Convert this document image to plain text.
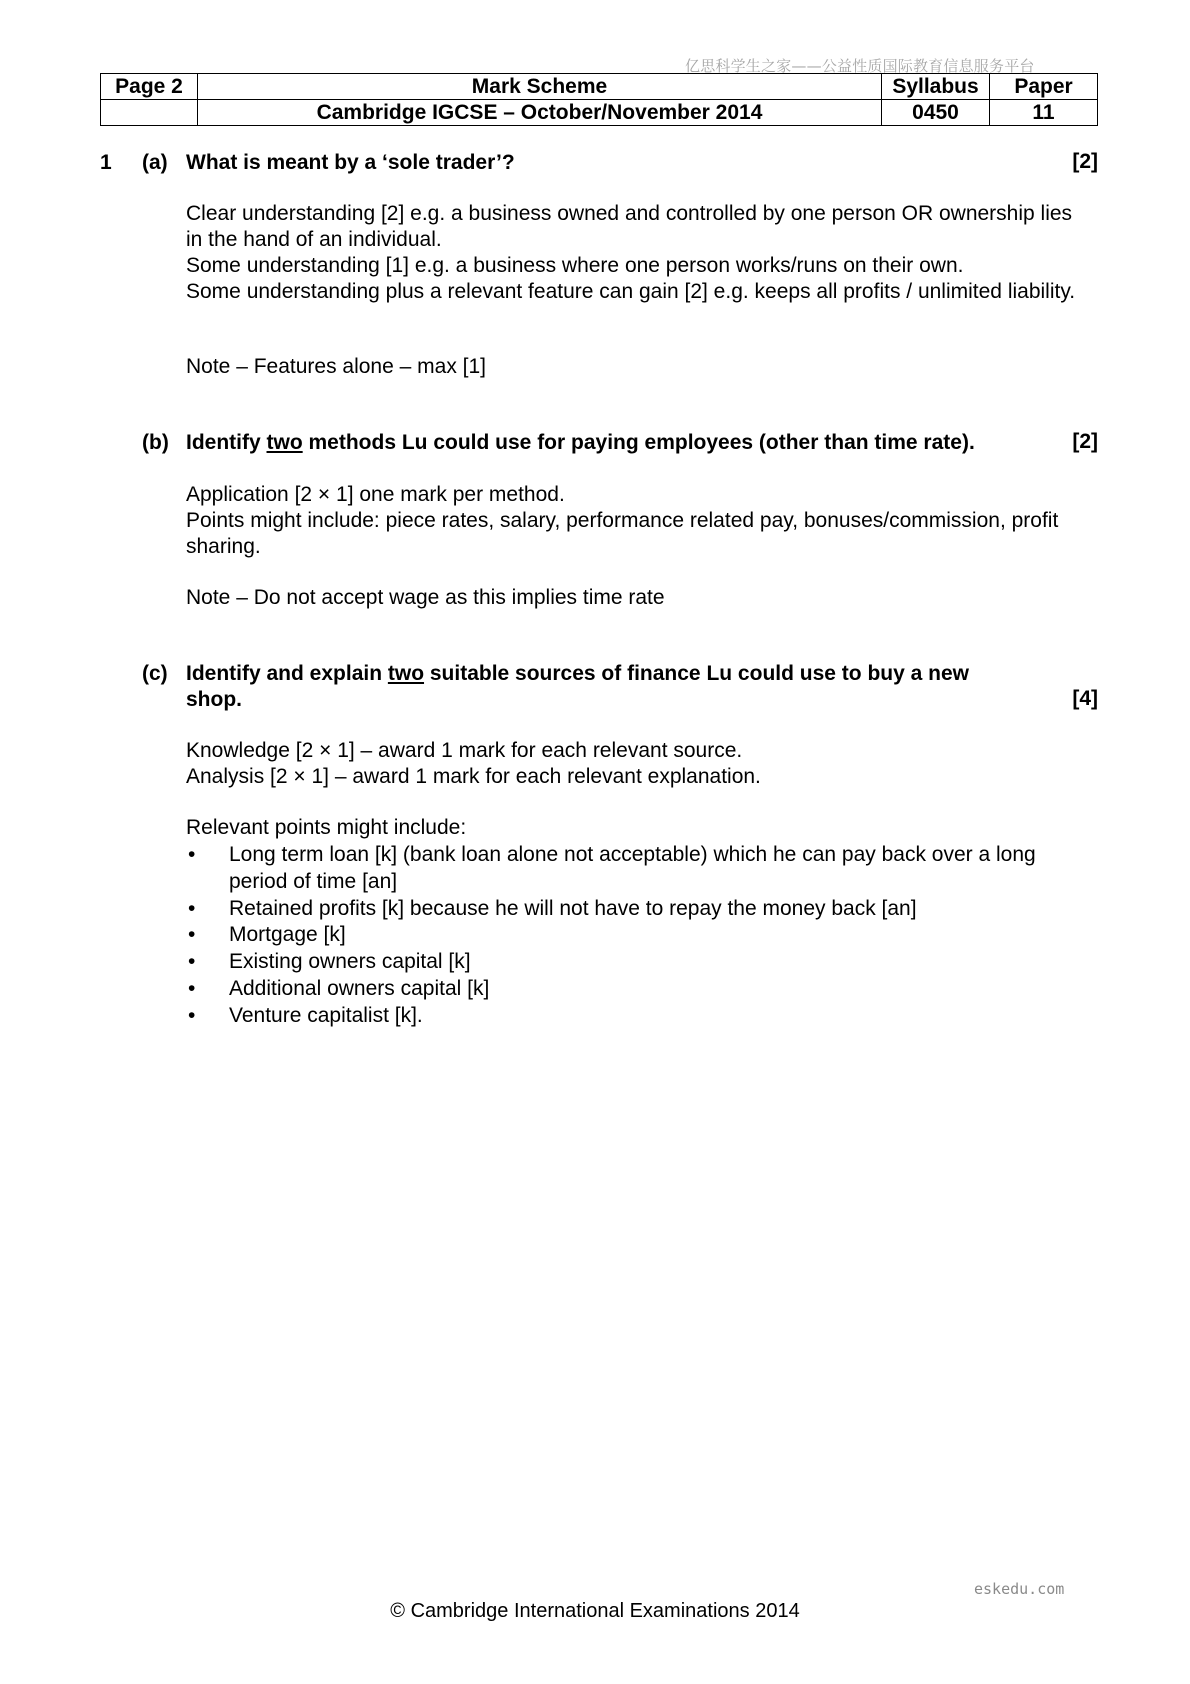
亿思科学生之家——公益性质国际教育信息服务平台
Page 2	Mark Scheme	Syllabus	Paper
	Cambridge IGCSE – October/November 2014	0450	11
1 (a) What is meant by a ‘sole trader’?	[2]

Clear understanding [2] e.g. a business owned and controlled by one person OR ownership lies in the hand of an individual.

Some understanding [1] e.g. a business where one person works/runs on their own.

Some understanding plus a relevant feature can gain [2] e.g. keeps all profits / unlimited liability.

Note – Features alone – max [1]
(b) Identify two methods Lu could use for paying employees (other than time rate).	[2]

Application [2 × 1] one mark per method.

Points might include: piece rates, salary, performance related pay, bonuses/commission, profit sharing.

Note – Do not accept wage as this implies time rate
(c) Identify and explain two suitable sources of finance Lu could use to buy a new
shop.	[4]

Knowledge [2 × 1] – award 1 mark for each relevant source.

Analysis [2 × 1] – award 1 mark for each relevant explanation.

Relevant points might include:
• Long term loan [k] (bank loan alone not acceptable) which he can pay back over a long period of time [an]
• Retained profits [k] because he will not have to repay the money back [an]
• Mortgage [k]
• Existing owners capital [k]
• Additional owners capital [k]
• Venture capitalist [k].
eskedu.com
© Cambridge International Examinations 2014
